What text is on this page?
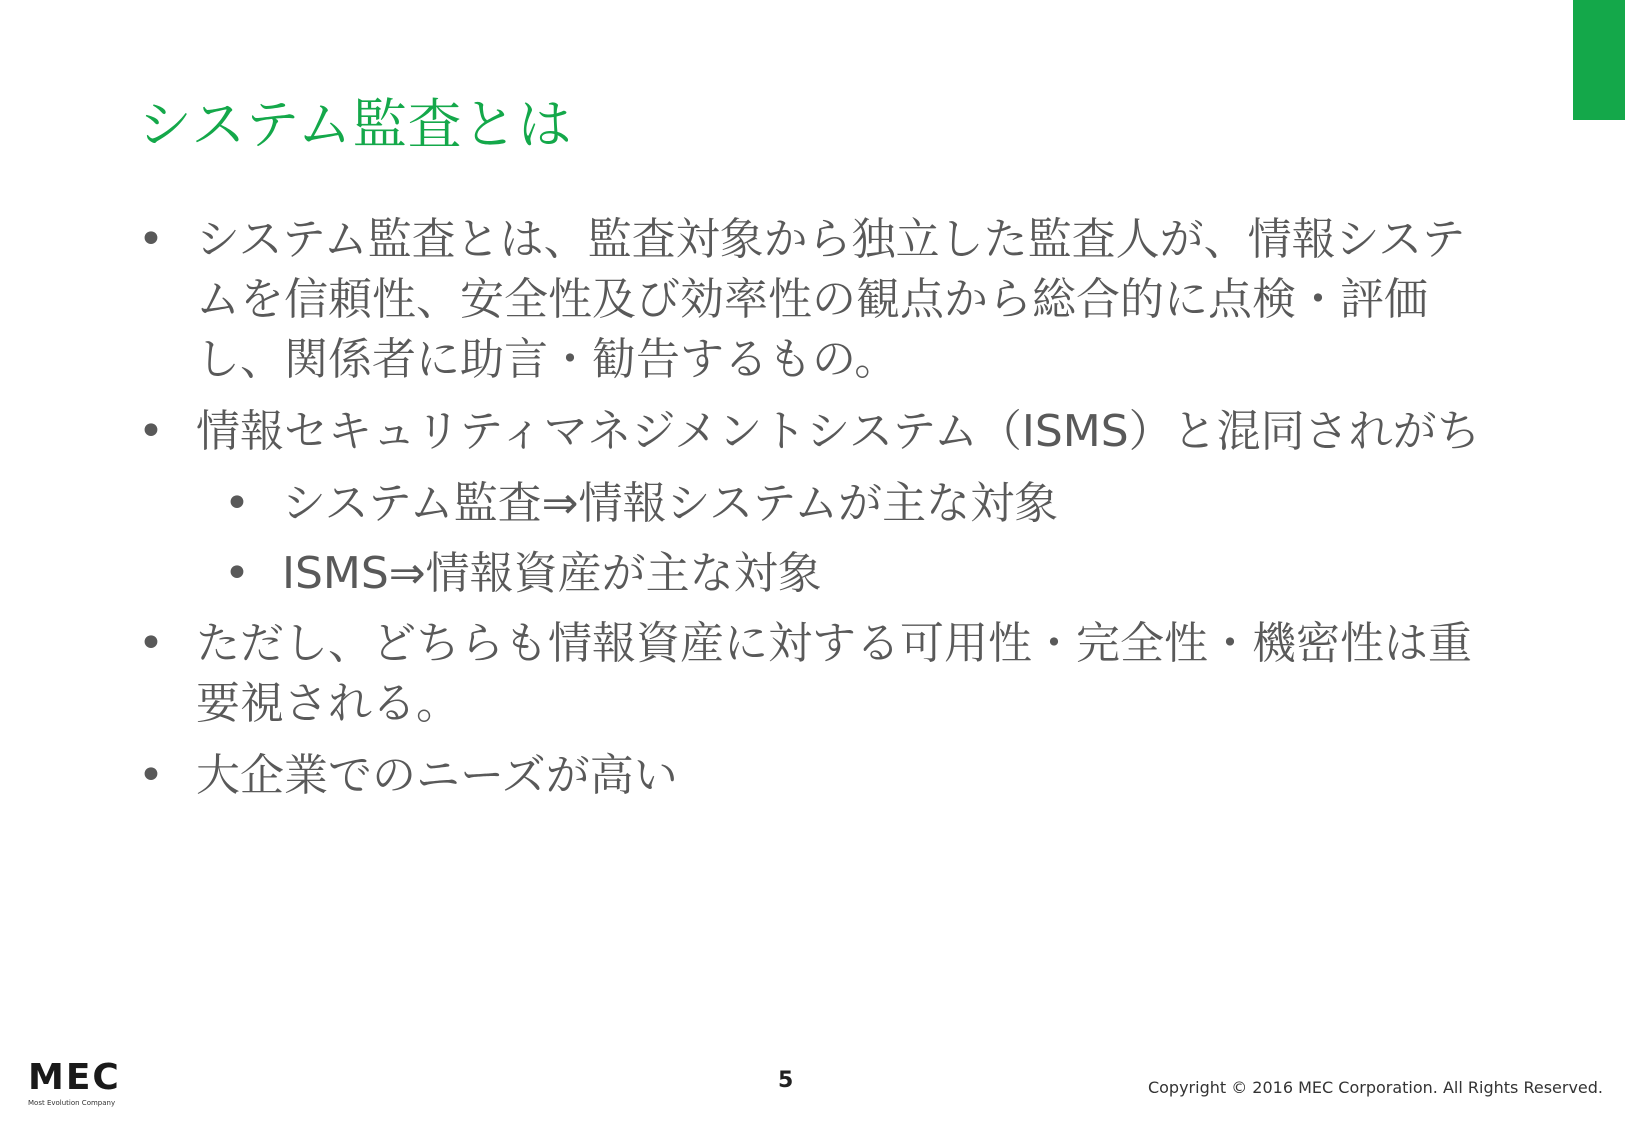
システム監査とは
• システム監査とは、監査対象から独立した監査人が、情報システムを信頼性、安全性及び効率性の観点から総合的に点検・評価し、関係者に助言・勧告するもの。
• 情報セキュリティマネジメントシステム（ISMS）と混同されがち
• システム監査⇒情報システムが主な対象
• ISMS⇒情報資産が主な対象
• ただし、どちらも情報資産に対する可用性・完全性・機密性は重要視される。
• 大企業でのニーズが高い
MEC
Most Evolution Company
5	Copyright © 2016 MEC Corporation. All Rights Reserved.
